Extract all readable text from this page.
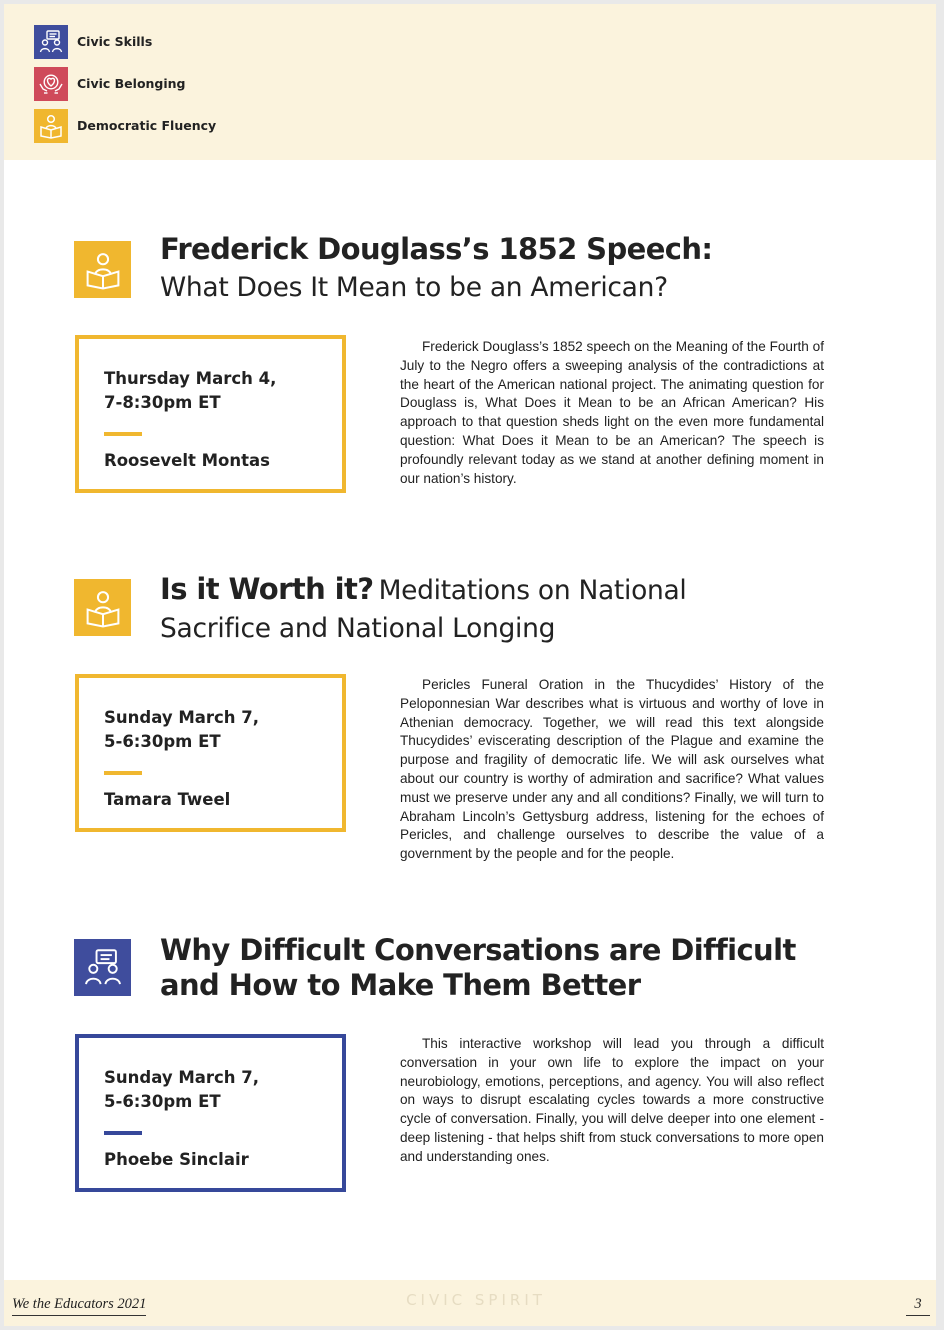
Civic Skills
Civic Belonging
Democratic Fluency
Frederick Douglass’s 1852 Speech:
What Does It Mean to be an American?
Thursday March 4,
7-8:30pm ET
Roosevelt Montas

Frederick Douglass’s 1852 speech on the Meaning of the Fourth of July to the Negro offers a sweeping analysis of the contradictions at the heart of the American national project. The animating question for Douglass is, What Does it Mean to be an African American? His approach to that question sheds light on the even more fundamental question: What Does it Mean to be an American? The speech is profoundly relevant today as we stand at another defining moment in our nation’s history.

Is it Worth it? Meditations on National Sacrifice and National Longing
Sunday March 7,
5-6:30pm ET
Tamara Tweel

Pericles Funeral Oration in the Thucydides’ History of the Peloponnesian War describes what is virtuous and worthy of love in Athenian democracy. Together, we will read this text alongside Thucydides’ eviscerating description of the Plague and examine the purpose and fragility of democratic life. We will ask ourselves what about our country is worthy of admiration and sacrifice? What values must we preserve under any and all conditions? Finally, we will turn to Abraham Lincoln’s Gettysburg address, listening for the echoes of Pericles, and challenge ourselves to describe the value of a government by the people and for the people.

Why Difficult Conversations are Difficult and How to Make Them Better
Sunday March 7,
5-6:30pm ET
Phoebe Sinclair

This interactive workshop will lead you through a difficult conversation in your own life to explore the impact on your neurobiology, emotions, perceptions, and agency. You will also reflect on ways to disrupt escalating cycles towards a more constructive cycle of conversation. Finally, you will delve deeper into one element - deep listening - that helps shift from stuck conversations to more open and understanding ones.

We the Educators 2021	CIVIC SPIRIT	3
